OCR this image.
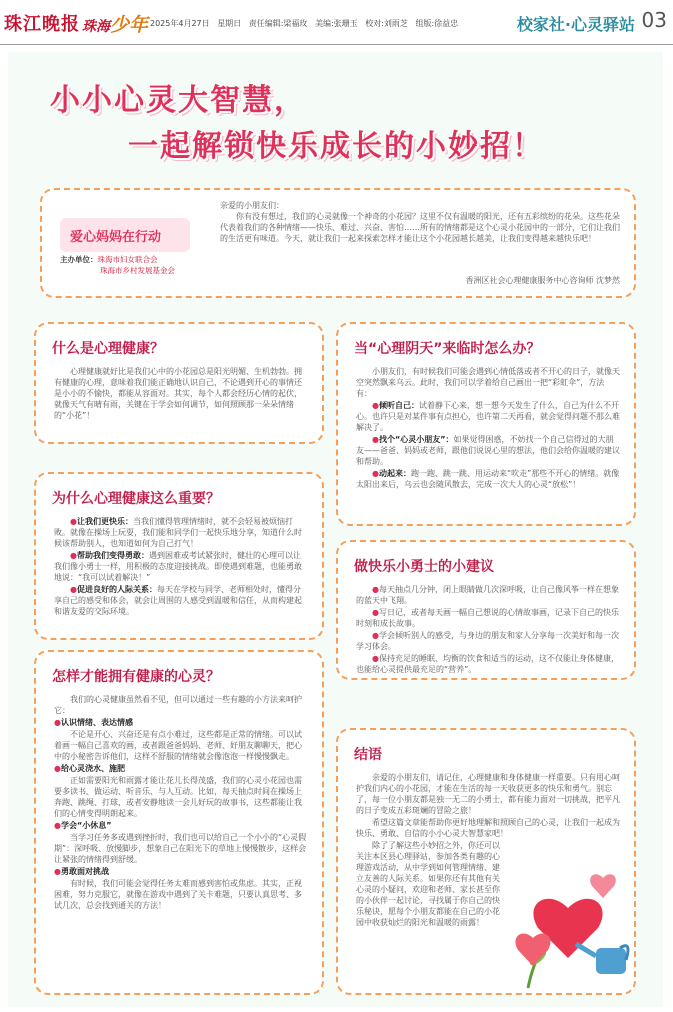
珠江晚报 珠海少年 2025年4月27日 星期日 责任编辑:梁福玫 美编:张珊玉 校对:刘雨芝 组版:徐益忠	校家社·心灵驿站 03
小小心灵大智慧，
一起解锁快乐成长的小妙招！
爱心妈妈在行动
主办单位：珠海市妇女联合会
珠海市乡村发展基金会

亲爱的小朋友们：

你有没有想过，我们的心灵就像一个神奇的小花园？这里不仅有温暖的阳光，还有五彩缤纷的花朵。这些花朵代表着我们的各种情绪——快乐、难过、兴奋、害怕……所有的情绪都是这个心灵小花园中的一部分，它们让我们的生活更有味道。今天，就让我们一起来探索怎样才能让这个小花园越长越美，让我们变得越来越快乐吧！

香洲区社会心理健康服务中心咨询师 沈梦然
什么是心理健康？

心理健康就好比是我们心中的小花园总是阳光明媚、生机勃勃。拥有健康的心理，意味着我们能正确地认识自己，不论遇到开心的事情还是小小的不愉快，都能从容面对。其实，每个人都会经历心情的起伏，就像天气有晴有雨，关键在于学会如何调节，如何照顾那一朵朵情绪的“小花”！

为什么心理健康这么重要？

●让我们更快乐：当我们懂得管理情绪时，就不会轻易被烦恼打败。就像在操场上玩耍，我们能和同学们一起快乐地分享，知道什么时候该帮助别人，也知道如何为自己打气！

●帮助我们变得勇敢：遇到困难或考试紧张时，健壮的心理可以让我们像小勇士一样，用积极的态度迎接挑战。即使遇到难题，也能勇敢地说：“我可以试着解决！”

●促进良好的人际关系：每天在学校与同学、老师相处时，懂得分享自己的感受和体会，就会让周围的人感受到温暖和信任，从而构建起和谐友爱的交际环境。

怎样才能拥有健康的心灵？

我们的心灵健康虽然看不见，但可以通过一些有趣的小方法来呵护它：

●认识情绪、表达情感

不论是开心、兴奋还是有点小难过，这些都是正常的情绪。可以试着画一幅自己喜欢的画，或者跟爸爸妈妈、老师、好朋友聊聊天，把心中的小秘密告诉他们，这样不舒服的情绪就会像泡泡一样慢慢飘走。

●给心灵浇水、施肥

正如需要阳光和雨露才能让花儿长得茂盛，我们的心灵小花园也需要多读书、做运动、听音乐、与人互动。比如，每天抽点时间在操场上奔跑、跳绳、打球，或者安静地读一会儿好玩的故事书，这些都能让我们的心情变得明朗起来。

●学会“小休息”

当学习任务多或遇到挫折时，我们也可以给自己一个小小的“心灵假期”：深呼吸、放慢脚步，想象自己在阳光下的草地上慢慢散步，这样会让紧张的情绪得到舒缓。

●勇敢面对挑战

有时候，我们可能会觉得任务太难而感到害怕或焦虑。其实，正视困难，努力克服它，就像在游戏中遇到了关卡难题，只要认真思考、多试几次，总会找到通关的方法！

当“心理阴天”来临时怎么办？

小朋友们，有时候我们可能会遇到心情低落或者不开心的日子，就像天空突然飘来乌云。此时，我们可以学着给自己画出一把“彩虹伞”，方法有：

●倾听自己：试着静下心来，想一想今天发生了什么，自己为什么不开心。也许只是对某件事有点担心，也许第二天再看，就会觉得问题不那么难解决了。

●找个“心灵小朋友”：如果觉得困惑，不妨找一个自己信得过的大朋友——爸爸、妈妈或老师，跟他们说说心里的想法，他们会给你温暖的建议和帮助。

●动起来：跑一跑、跳一跳、用运动来“吹走”那些不开心的情绪。就像太阳出来后，乌云也会随风散去，完成一次大人的心灵“放松”！

做快乐小勇士的小建议

●每天抽点几分钟，闭上眼睛做几次深呼吸，让自己像风筝一样在想象的蓝天中飞翔。

●写日记，或者每天画一幅自己想说的心情故事画，记录下自己的快乐时刻和成长故事。

●学会倾听别人的感受，与身边的朋友和家人分享每一次美好和每一次学习体会。

●保持充足的睡眠、均衡的饮食和适当的运动，这不仅能让身体健康，也能给心灵提供最充足的“营养”。

结语

亲爱的小朋友们，请记住，心理健康和身体健康一样重要。只有用心呵护我们内心的小花园，才能在生活的每一天收获更多的快乐和勇气。别忘了，每一位小朋友都是独一无二的小勇士，都有能力面对一切挑战，把平凡的日子变成五彩斑斓的冒险之旅！

希望这篇文章能帮助你更好地理解和照顾自己的心灵，让我们一起成为快乐、勇敢、自信的小小心灵大智慧家吧！

除了了解这些小妙招之外，你还可以关注本区县心理驿站，参加各类有趣的心理游戏活动，从中学到如何管理情绪、建立友善的人际关系。如果你还有其他有关心灵的小疑问，欢迎和老师、家长甚至你的小伙伴一起讨论，寻找属于你自己的快乐秘诀，愿每个小朋友都能在自己的小花园中收获灿烂的阳光和温暖的雨露！
